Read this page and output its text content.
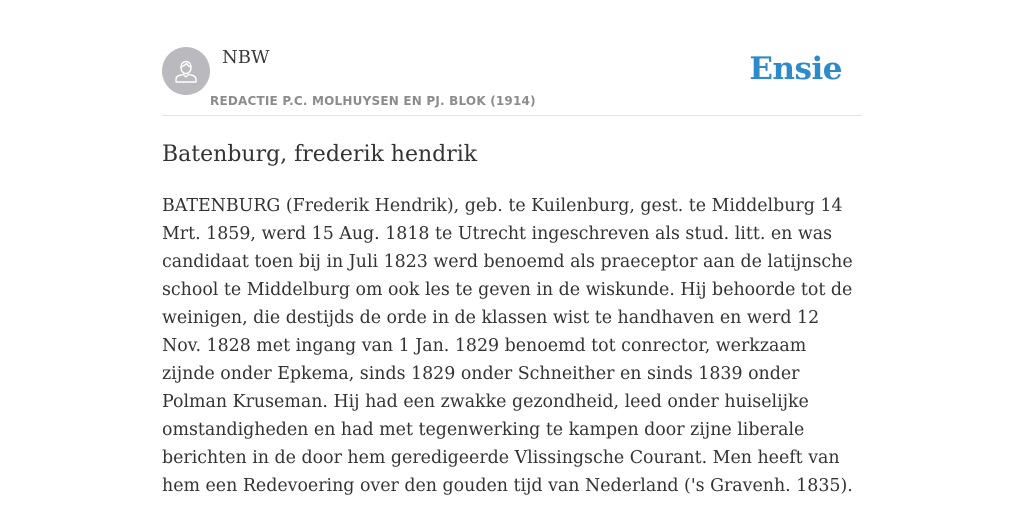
NBW
REDACTIE P.C. MOLHUYSEN EN PJ. BLOK (1914)
Ensie
Batenburg, frederik hendrik

BATENBURG (Frederik Hendrik), geb. te Kuilenburg, gest. te Middelburg 14 Mrt. 1859, werd 15 Aug. 1818 te Utrecht ingeschreven als stud. litt. en was candidaat toen bij in Juli 1823 werd benoemd als praeceptor aan de latijnsche school te Middelburg om ook les te geven in de wiskunde. Hij behoorde tot de weinigen, die destijds de orde in de klassen wist te handhaven en werd 12 Nov. 1828 met ingang van 1 Jan. 1829 benoemd tot conrector, werkzaam zijnde onder Epkema, sinds 1829 onder Schneither en sinds 1839 onder Polman Kruseman. Hij had een zwakke gezondheid, leed onder huiselijke omstandigheden en had met tegenwerking te kampen door zijne liberale berichten in de door hem geredigeerde Vlissingsche Courant. Men heeft van hem een Redevoering over den gouden tijd van Nederland ('s Gravenh. 1835).
